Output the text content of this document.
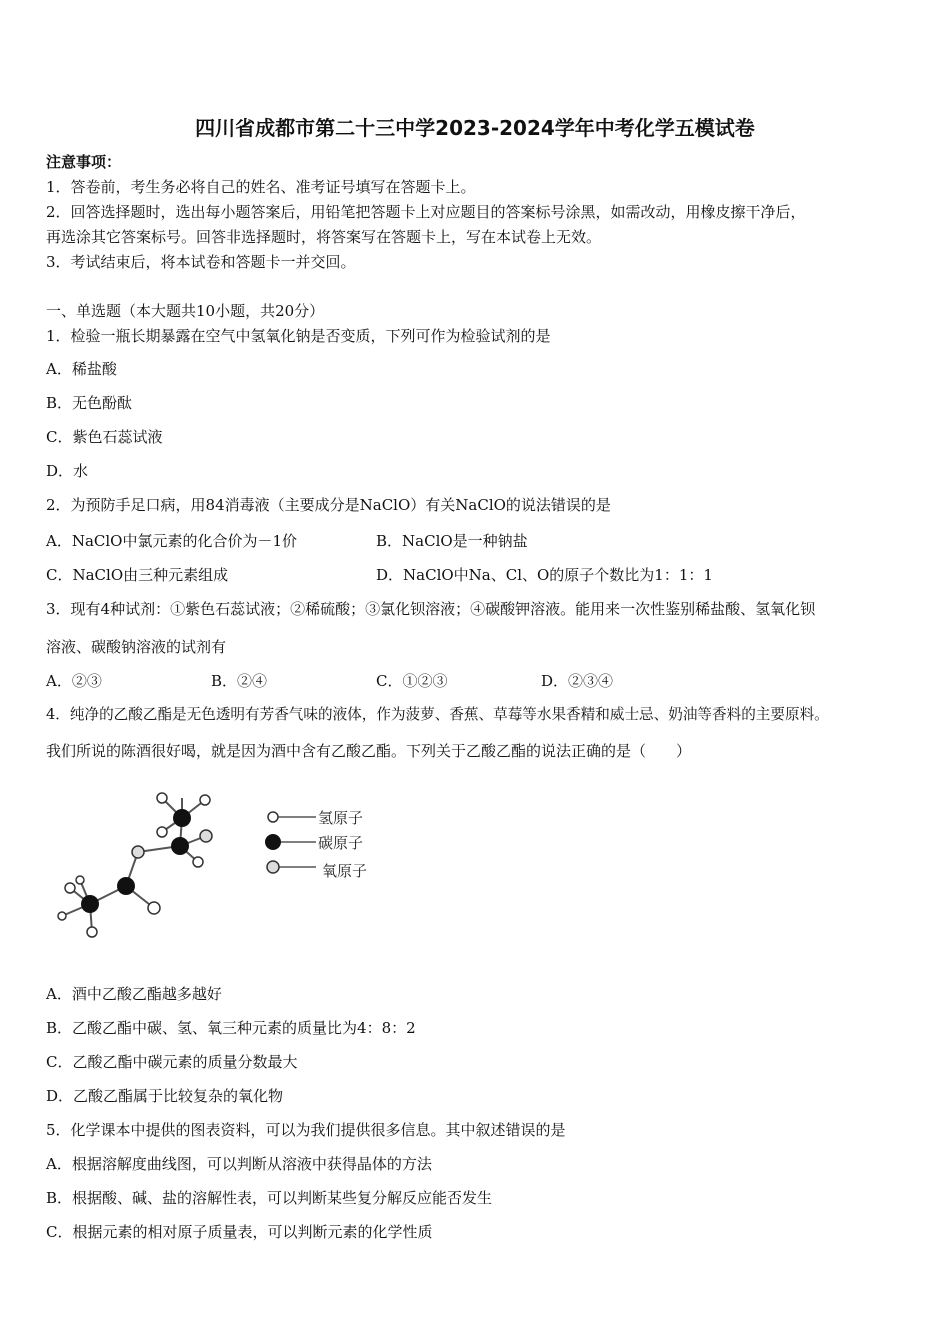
四川省成都市第二十三中学2023-2024学年中考化学五模试卷
注意事项：
1．答卷前，考生务必将自己的姓名、准考证号填写在答题卡上。
2．回答选择题时，选出每小题答案后，用铅笔把答题卡上对应题目的答案标号涂黑，如需改动，用橡皮擦干净后，
再选涂其它答案标号。回答非选择题时，将答案写在答题卡上，写在本试卷上无效。
3．考试结束后，将本试卷和答题卡一并交回。
一、单选题（本大题共10小题，共20分）
1．检验一瓶长期暴露在空气中氢氧化钠是否变质，下列可作为检验试剂的是
A．稀盐酸
B．无色酚酞
C．紫色石蕊试液
D．水
2．为预防手足口病，用84消毒液（主要成分是NaClO）有关NaClO的说法错误的是
A．NaClO中氯元素的化合价为－1价	B．NaClO是一种钠盐
C．NaClO由三种元素组成	D．NaClO中Na、Cl、O的原子个数比为1：1：1
3．现有4种试剂：①紫色石蕊试液；②稀硫酸；③氯化钡溶液；④碳酸钾溶液。能用来一次性鉴别稀盐酸、氢氧化钡
溶液、碳酸钠溶液的试剂有
A．②③	B．②④	C．①②③	D．②③④
4．纯净的乙酸乙酯是无色透明有芳香气味的液体，作为菠萝、香蕉、草莓等水果香精和威士忌、奶油等香料的主要原料。
我们所说的陈酒很好喝，就是因为酒中含有乙酸乙酯。下列关于乙酸乙酯的说法正确的是（　　）
氢原子
碳原子
氧原子
A．酒中乙酸乙酯越多越好
B．乙酸乙酯中碳、氢、氧三种元素的质量比为4：8：2
C．乙酸乙酯中碳元素的质量分数最大
D．乙酸乙酯属于比较复杂的氧化物
5．化学课本中提供的图表资料，可以为我们提供很多信息。其中叙述错误的是
A．根据溶解度曲线图，可以判断从溶液中获得晶体的方法
B．根据酸、碱、盐的溶解性表，可以判断某些复分解反应能否发生
C．根据元素的相对原子质量表，可以判断元素的化学性质
